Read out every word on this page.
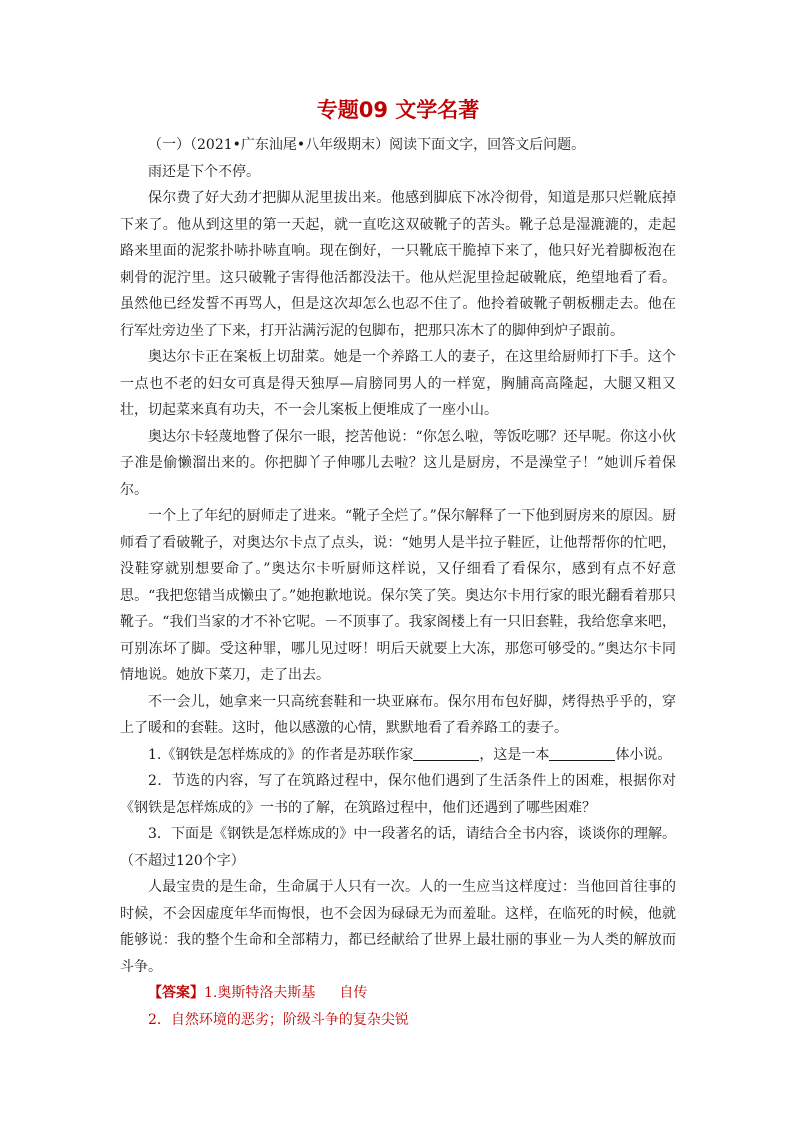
专题09 文学名著

（一）（2021•广东汕尾•八年级期末）阅读下面文字，回答文后问题。

雨还是下个不停。

保尔费了好大劲才把脚从泥里拔出来。他感到脚底下冰冷彻骨，知道是那只烂靴底掉下来了。他从到这里的第一天起，就一直吃这双破靴子的苦头。靴子总是湿漉漉的，走起路来里面的泥浆扑哧扑哧直响。现在倒好，一只靴底干脆掉下来了，他只好光着脚板泡在刺骨的泥泞里。这只破靴子害得他活都没法干。他从烂泥里捡起破靴底，绝望地看了看。虽然他已经发誓不再骂人，但是这次却怎么也忍不住了。他拎着破靴子朝板棚走去。他在行军灶旁边坐了下来，打开沾满污泥的包脚布，把那只冻木了的脚伸到炉子跟前。

奥达尔卡正在案板上切甜菜。她是一个养路工人的妻子，在这里给厨师打下手。这个一点也不老的妇女可真是得天独厚—肩膀同男人的一样宽，胸脯高高隆起，大腿又粗又壮，切起菜来真有功夫，不一会儿案板上便堆成了一座小山。

奥达尔卡轻蔑地瞥了保尔一眼，挖苦他说：“你怎么啦，等饭吃哪？还早呢。你这小伙子准是偷懒溜出来的。你把脚丫子伸哪儿去啦？这儿是厨房，不是澡堂子！”她训斥着保尔。

一个上了年纪的厨师走了进来。“靴子全烂了。”保尔解释了一下他到厨房来的原因。厨师看了看破靴子，对奥达尔卡点了点头，说：“她男人是半拉子鞋匠，让他帮帮你的忙吧，没鞋穿就别想要命了。”奥达尔卡听厨师这样说，又仔细看了看保尔，感到有点不好意思。“我把您错当成懒虫了。”她抱歉地说。保尔笑了笑。奥达尔卡用行家的眼光翻看着那只靴子。“我们当家的才不补它呢。－不顶事了。我家阁楼上有一只旧套鞋，我给您拿来吧，可别冻坏了脚。受这种罪，哪儿见过呀！明后天就要上大冻，那您可够受的。”奥达尔卡同情地说。她放下菜刀，走了出去。

不一会儿，她拿来一只高统套鞋和一块亚麻布。保尔用布包好脚，烤得热乎乎的，穿上了暖和的套鞋。这时，他以感激的心情，默默地看了看养路工的妻子。

1.《钢铁是怎样炼成的》的作者是苏联作家	，这是一本	体小说。

2．节选的内容，写了在筑路过程中，保尔他们遇到了生活条件上的困难，根据你对《钢铁是怎样炼成的》一书的了解，在筑路过程中，他们还遇到了哪些困难？

3．下面是《钢铁是怎样炼成的》中一段著名的话，请结合全书内容，谈谈你的理解。（不超过120个字）

人最宝贵的是生命，生命属于人只有一次。人的一生应当这样度过：当他回首往事的时候，不会因虚度年华而悔恨，也不会因为碌碌无为而羞耻。这样，在临死的时候，他就能够说：我的整个生命和全部精力，都已经献给了世界上最壮丽的事业－为人类的解放而斗争。

【答案】1.奥斯特洛夫斯基 自传

2．自然环境的恶劣；阶级斗争的复杂尖锐
